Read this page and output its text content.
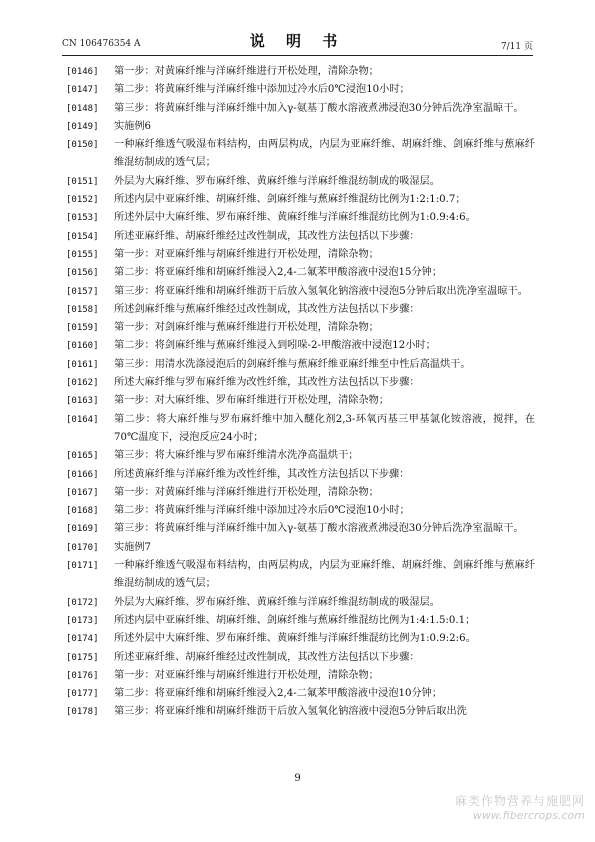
CN 106476354 A	说 明 书	7/11 页
[0146]	第一步：对黄麻纤维与洋麻纤维进行开松处理，清除杂物；
[0147]	第二步：将黄麻纤维与洋麻纤维中添加过冷水后0℃浸泡10小时；
[0148]	第三步：将黄麻纤维与洋麻纤维中加入γ-氨基丁酸水溶液煮沸浸泡30分钟后洗净室温晾干。
[0149]	实施例6
[0150]	一种麻纤维透气吸湿布料结构，由两层构成，内层为亚麻纤维、胡麻纤维、剑麻纤维与蕉麻纤维混纺制成的透气层；
[0151]	外层为大麻纤维、罗布麻纤维、黄麻纤维与洋麻纤维混纺制成的吸湿层。
[0152]	所述内层中亚麻纤维、胡麻纤维、剑麻纤维与蕉麻纤维混纺比例为1:2:1:0.7；
[0153]	所述外层中大麻纤维、罗布麻纤维、黄麻纤维与洋麻纤维混纺比例为1:0.9:4:6。
[0154]	所述亚麻纤维、胡麻纤维经过改性制成，其改性方法包括以下步骤：
[0155]	第一步：对亚麻纤维与胡麻纤维进行开松处理，清除杂物；
[0156]	第二步：将亚麻纤维和胡麻纤维浸入2,4-二氟苯甲酸溶液中浸泡15分钟；
[0157]	第三步：将亚麻纤维和胡麻纤维沥干后放入氢氧化钠溶液中浸泡5分钟后取出洗净室温晾干。
[0158]	所述剑麻纤维与蕉麻纤维经过改性制成，其改性方法包括以下步骤：
[0159]	第一步：对剑麻纤维与蕉麻纤维进行开松处理，清除杂物；
[0160]	第二步：将剑麻纤维与蕉麻纤维浸入到吲哚-2-甲酸溶液中浸泡12小时；
[0161]	第三步：用清水洗涤浸泡后的剑麻纤维与蕉麻纤维亚麻纤维至中性后高温烘干。
[0162]	所述大麻纤维与罗布麻纤维为改性纤维，其改性方法包括以下步骤：
[0163]	第一步：对大麻纤维、罗布麻纤维进行开松处理，清除杂物；
[0164]	第二步：将大麻纤维与罗布麻纤维中加入醚化剂2,3-环氧丙基三甲基氯化铵溶液，搅拌，在70℃温度下，浸泡反应24小时；
[0165]	第三步：将大麻纤维与罗布麻纤维清水洗净高温烘干；
[0166]	所述黄麻纤维与洋麻纤维为改性纤维，其改性方法包括以下步骤：
[0167]	第一步：对黄麻纤维与洋麻纤维进行开松处理，清除杂物；
[0168]	第二步：将黄麻纤维与洋麻纤维中添加过冷水后0℃浸泡10小时；
[0169]	第三步：将黄麻纤维与洋麻纤维中加入γ-氨基丁酸水溶液煮沸浸泡30分钟后洗净室温晾干。
[0170]	实施例7
[0171]	一种麻纤维透气吸湿布料结构，由两层构成，内层为亚麻纤维、胡麻纤维、剑麻纤维与蕉麻纤维混纺制成的透气层；
[0172]	外层为大麻纤维、罗布麻纤维、黄麻纤维与洋麻纤维混纺制成的吸湿层。
[0173]	所述内层中亚麻纤维、胡麻纤维、剑麻纤维与蕉麻纤维混纺比例为1:4:1.5:0.1；
[0174]	所述外层中大麻纤维、罗布麻纤维、黄麻纤维与洋麻纤维混纺比例为1:0.9:2:6。
[0175]	所述亚麻纤维、胡麻纤维经过改性制成，其改性方法包括以下步骤：
[0176]	第一步：对亚麻纤维与胡麻纤维进行开松处理，清除杂物；
[0177]	第二步：将亚麻纤维和胡麻纤维浸入2,4-二氟苯甲酸溶液中浸泡10分钟；
[0178]	第三步：将亚麻纤维和胡麻纤维沥干后放入氢氧化钠溶液中浸泡5分钟后取出洗
9
麻类作物营养与施肥网
www.fibercrops.com
